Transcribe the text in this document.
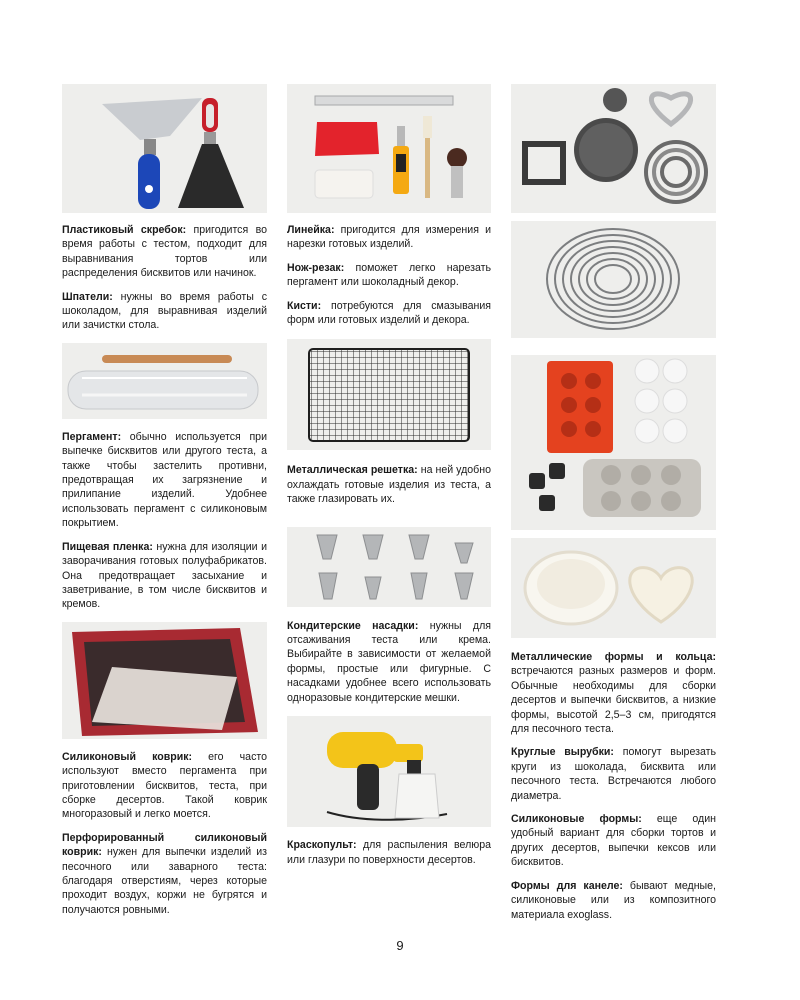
Пластиковый скребок: пригодится во время работы с тестом, подходит для выравнивания тортов или распределения бисквитов или начинок.

Шпатели: нужны во время работы с шоколадом, для выравнивая изделий или зачистки стола.

Пергамент: обычно используется при выпечке бисквитов или другого теста, а также чтобы застелить противни, предотвращая их загрязнение и прилипание изделий. Удобнее использовать пергамент с силиконовым покрытием.

Пищевая пленка: нужна для изоляции и заворачивания готовых полуфабрикатов. Она предотвращает засыхание и заветривание, в том числе бисквитов и кремов.

Силиконовый коврик: его часто используют вместо пергамента при приготовлении бисквитов, теста, при сборке десертов. Такой коврик многоразовый и легко моется.

Перфорированный силиконовый коврик: нужен для выпечки изделий из песочного или заварного теста: благодаря отверстиям, через которые проходит воздух, коржи не бугрятся и получаются ровными.

Линейка: пригодится для измерения и нарезки готовых изделий.

Нож-резак: поможет легко нарезать пергамент или шоколадный декор.

Кисти: потребуются для смазывания форм или готовых изделий и декора.

Металлическая решетка: на ней удобно охлаждать готовые изделия из теста, а также глазировать их.

Кондитерские насадки: нужны для отсаживания теста или крема. Выбирайте в зависимости от желаемой формы, простые или фигурные. С насадками удобнее всего использовать одноразовые кондитерские мешки.

Краскопульт: для распыления велюра или глазури по поверхности десертов.

Металлические формы и кольца: встречаются разных размеров и форм. Обычные необходимы для сборки десертов и выпечки бисквитов, а низкие формы, высотой 2,5–3 см, пригодятся для песочного теста.

Круглые вырубки: помогут вырезать круги из шоколада, бисквита или песочного теста. Встречаются любого диаметра.

Силиконовые формы: еще один удобный вариант для сборки тортов и других десертов, выпечки кексов или бисквитов.

Формы для канеле: бывают медные, силиконовые или из композитного материала exoglass.

9
